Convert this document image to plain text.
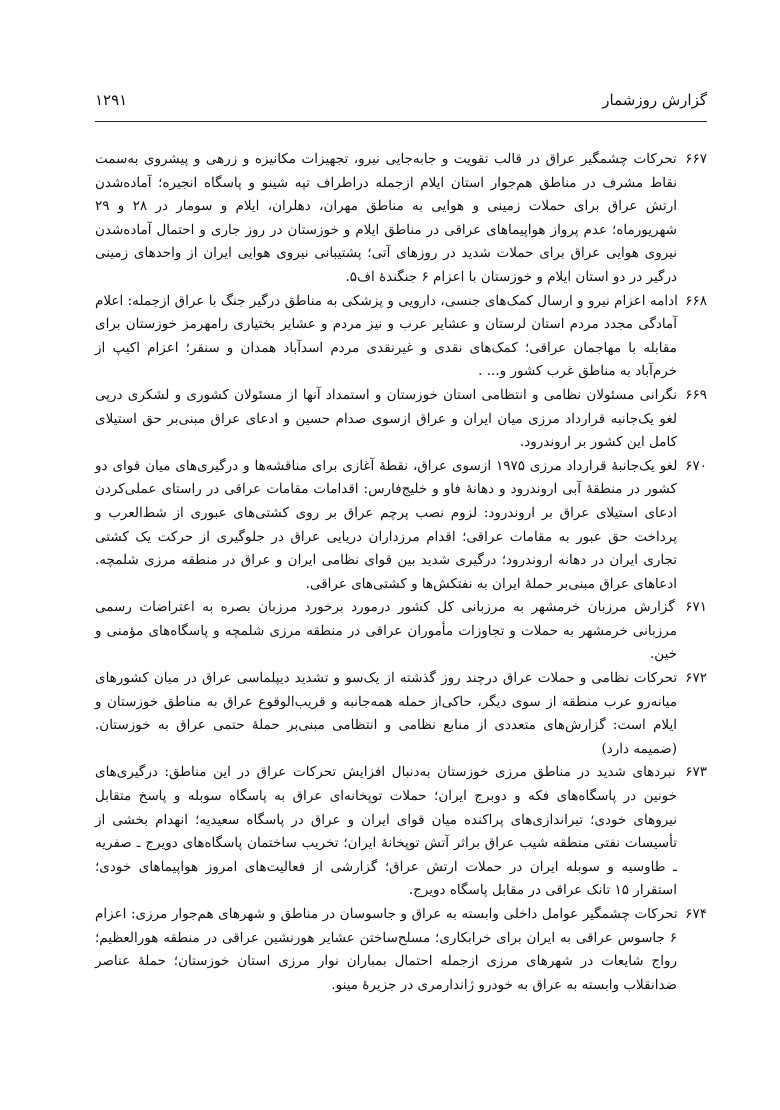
گزارش روزشمار
۱۲۹۱

۶۶۷ تحرکات چشمگیر عراق در قالب تقویت و جابه‌جایی نیرو، تجهیزات مکانیزه و زرهی و پیشروی به‌سمت نقاط مشرف در مناطق هم‌جوار استان ایلام ازجمله دراطراف تپه شینو و پاسگاه انجیره؛ آماده‌شدن ارتش عراق برای حملات زمینی و هوایی به مناطق مهران، دهلران، ایلام و سومار در ۲۸ و ۲۹ شهریورماه؛ عدم پرواز هواپیماهای عراقی در مناطق ایلام و خوزستان در روز جاری و احتمال آماده‌شدن نیروی هوایی عراق برای حملات شدید در روزهای آتی؛ پشتیبانی نیروی هوایی ایران از واحدهای زمینی درگیر در دو استان ایلام و خوزستان با اعزام ۶ جنگندهٔ اف‌۵.

۶۶۸ ادامه اعزام نیرو و ارسال کمک‌های جنسی، دارویی و پزشکی به مناطق درگیر جنگ با عراق ازجمله: اعلام آمادگی مجدد مردم استان لرستان و عشایر عرب و نیز مردم و عشایر بختیاری رامهرمز خوزستان برای مقابله با مهاجمان عراقی؛ کمک‌های نقدی و غیرنقدی مردم اسدآباد همدان و سنقر؛ اعزام اکیپ از خرم‌آباد به مناطق غرب کشور و... .

۶۶۹ نگرانی مسئولان نظامی و انتظامی استان خوزستان و استمداد آنها از مسئولان کشوری و لشکری درپی لغو یک‌جانبه قرارداد مرزی میان ایران و عراق ازسوی صدام حسین و ادعای عراق مبنی‌بر حق استیلای کامل این کشور بر اروندرود.

۶۷۰ لغو یک‌جانبهٔ قرارداد مرزی ۱۹۷۵ ازسوی عراق، نقطهٔ آغازی برای مناقشه‌ها و درگیری‌های میان قوای دو کشور در منطقهٔ آبی اروندرود و دهانهٔ فاو و خلیج‌فارس: اقدامات مقامات عراقی در راستای عملی‌کردن ادعای استیلای عراق بر اروندرود: لزوم نصب پرچم عراق بر روی کشتی‌های عبوری از شط‌العرب و پرداخت حق عبور به مقامات عراقی؛ اقدام مرزداران دریایی عراق در جلوگیری از حرکت یک کشتی تجاری ایران در دهانه اروندرود؛ درگیری شدید بین قوای نظامی ایران و عراق در منطقه مرزی شلمچه. ادعاهای عراق مبنی‌بر حملهٔ ایران به نفتکش‌ها و کشتی‌های عراقی.

۶۷۱ گزارش مرزبان خرمشهر به مرزبانی کل کشور درمورد برخورد مرزبان بصره به اعتراضات رسمی مرزبانی خرمشهر به حملات و تجاوزات مأموران عراقی در منطقه مرزی شلمچه و پاسگاه‌های مؤمنی و خین.

۶۷۲ تحرکات نظامی و حملات عراق درچند روز گذشته از یک‌سو و تشدید دیپلماسی عراق در میان کشورهای میانه‌رو عرب منطقه از سوی دیگر، حاکی‌از حمله همه‌جانبه و قریب‌الوقوع عراق به مناطق خوزستان و ایلام است: گزارش‌های متعددی از منابع نظامی و انتظامی مبنی‌بر حملهٔ حتمی عراق به خوزستان. (ضمیمه دارد)

۶۷۳ نبردهای شدید در مناطق مرزی خوزستان به‌دنبال افزایش تحرکات عراق در این مناطق: درگیری‌های خونین در پاسگاه‌های فکه و دوبرج ایران؛ حملات توپخانه‌ای عراق به پاسگاه سوبله و پاسخ متقابل نیروهای خودی؛ تیراندازی‌های پراکنده میان قوای ایران و عراق در پاسگاه سعیدیه؛ انهدام بخشی از تأسیسات نفتی منطقه شیب عراق براثر آتش توپخانهٔ ایران؛ تخریب ساختمان پاسگاه‌های دویرج ـ صفریه ـ طاوسیه و سوبله ایران در حملات ارتش عراق؛ گزارشی از فعالیت‌های امروز هواپیماهای خودی؛ استقرار ۱۵ تانک عراقی در مقابل پاسگاه دویرج.

۶۷۴ تحرکات چشمگیر عوامل داخلی وابسته به عراق و جاسوسان در مناطق و شهرهای هم‌جوار مرزی: اعزام ۶ جاسوس عراقی به ایران برای خرابکاری؛ مسلح‌ساختن عشایر هورنشین عراقی در منطقه هورالعظیم؛ رواج شایعات در شهرهای مرزی ازجمله احتمال بمباران نوار مرزی استان خوزستان؛ حملهٔ عناصر ضدانقلاب وابسته به عراق به خودرو ژاندارمری در جزیرهٔ مینو.
